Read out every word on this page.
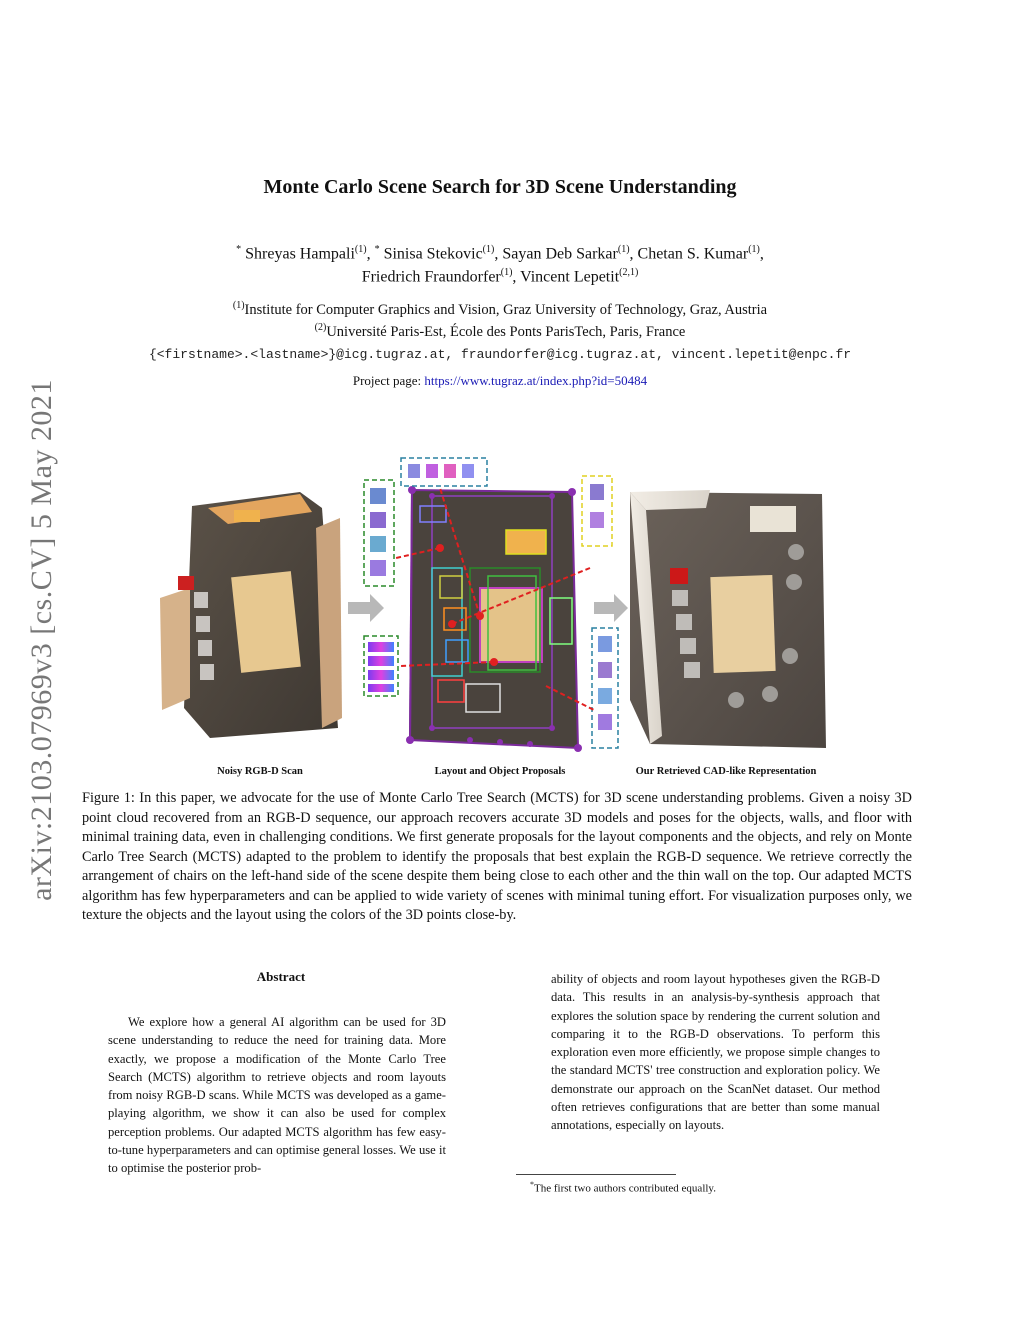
arXiv:2103.07969v3 [cs.CV] 5 May 2021
Monte Carlo Scene Search for 3D Scene Understanding
* Shreyas Hampali$^{(1)}$, * Sinisa Stekovic$^{(1)}$, Sayan Deb Sarkar$^{(1)}$, Chetan S. Kumar$^{(1)}$,
Friedrich Fraundorfer$^{(1)}$, Vincent Lepetit$^{(2,1)}$
$^{(1)}$Institute for Computer Graphics and Vision, Graz University of Technology, Graz, Austria
$^{(2)}$Université Paris-Est, École des Ponts ParisTech, Paris, France
{<firstname>.<lastname>}@icg.tugraz.at, fraundorfer@icg.tugraz.at, vincent.lepetit@enpc.fr
Project page: https://www.tugraz.at/index.php?id=50484
Noisy RGB-D Scan	Layout and Object Proposals	Our Retrieved CAD-like Representation
Figure 1: In this paper, we advocate for the use of Monte Carlo Tree Search (MCTS) for 3D scene understanding problems. Given a noisy 3D point cloud recovered from an RGB-D sequence, our approach recovers accurate 3D models and poses for the objects, walls, and floor with minimal training data, even in challenging conditions. We first generate proposals for the layout components and the objects, and rely on Monte Carlo Tree Search (MCTS) adapted to the problem to identify the proposals that best explain the RGB-D sequence. We retrieve correctly the arrangement of chairs on the left-hand side of the scene despite them being close to each other and the thin wall on the top. Our adapted MCTS algorithm has few hyperparameters and can be applied to wide variety of scenes with minimal tuning effort. For visualization purposes only, we texture the objects and the layout using the colors of the 3D points close-by.
Abstract
We explore how a general AI algorithm can be used for 3D scene understanding to reduce the need for training data. More exactly, we propose a modification of the Monte Carlo Tree Search (MCTS) algorithm to retrieve objects and room layouts from noisy RGB-D scans. While MCTS was developed as a game-playing algorithm, we show it can also be used for complex perception problems. Our adapted MCTS algorithm has few easy-to-tune hyperparameters and can optimise general losses. We use it to optimise the posterior prob-
ability of objects and room layout hypotheses given the RGB-D data. This results in an analysis-by-synthesis approach that explores the solution space by rendering the current solution and comparing it to the RGB-D observations. To perform this exploration even more efficiently, we propose simple changes to the standard MCTS' tree construction and exploration policy. We demonstrate our approach on the ScanNet dataset. Our method often retrieves configurations that are better than some manual annotations, especially on layouts.
*The first two authors contributed equally.
